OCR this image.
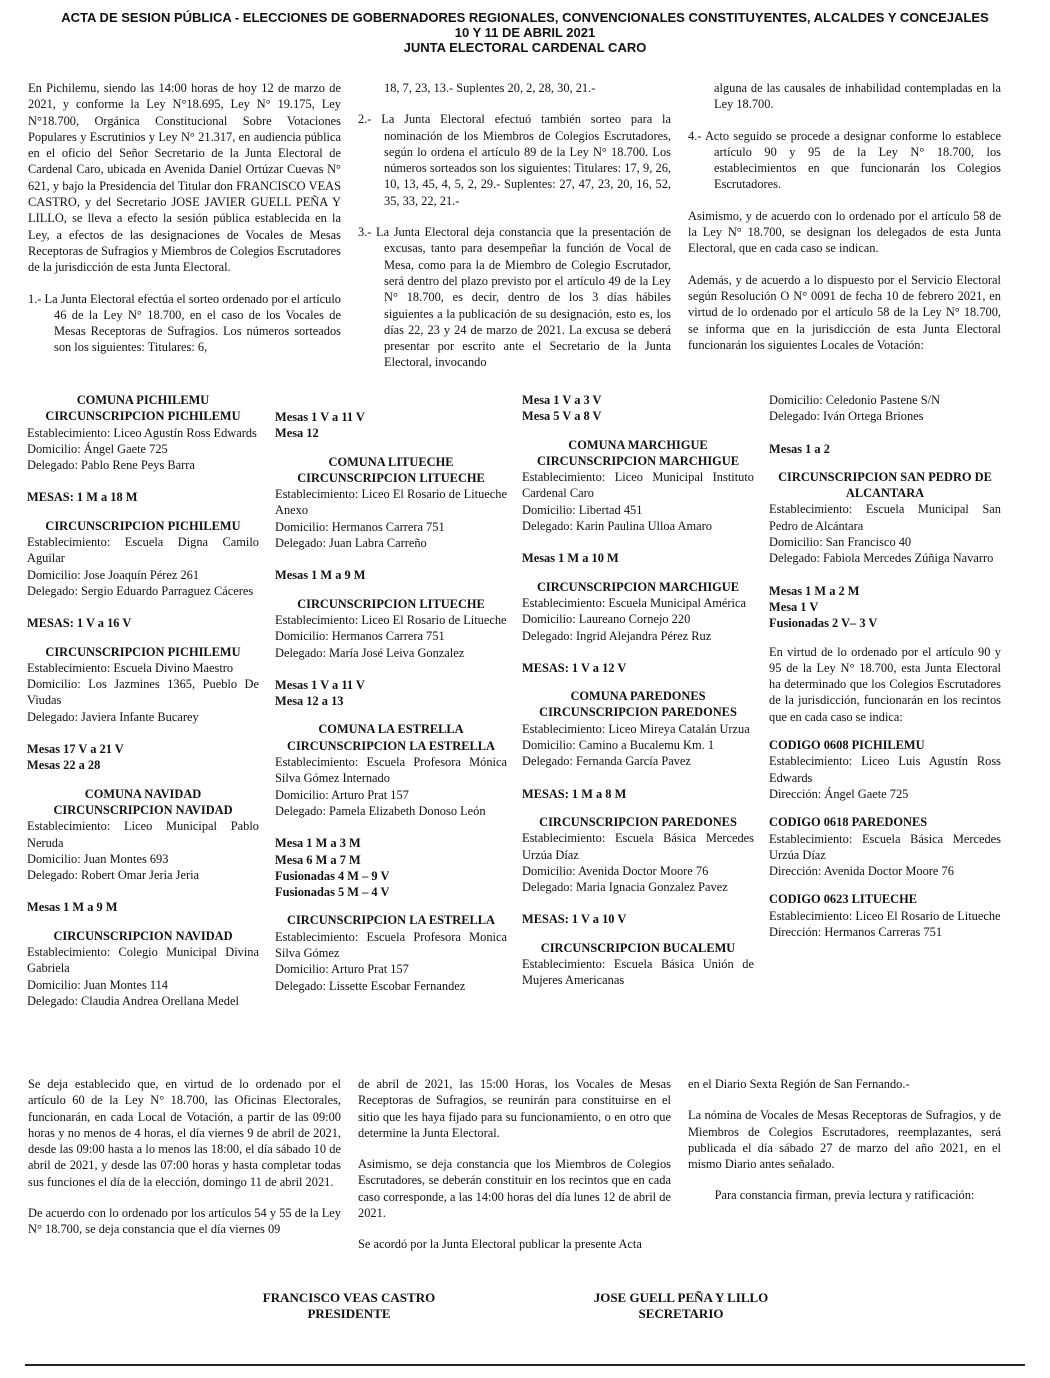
ACTA DE SESION PÚBLICA - ELECCIONES DE GOBERNADORES REGIONALES, CONVENCIONALES CONSTITUYENTES, ALCALDES Y CONCEJALES
10 Y 11 DE ABRIL 2021
JUNTA ELECTORAL CARDENAL CARO

En Pichilemu, siendo las 14:00 horas de hoy 12 de marzo de 2021, y conforme la Ley N°18.695, Ley N° 19.175, Ley N°18.700, Orgánica Constitucional Sobre Votaciones Populares y Escrutinios y Ley N° 21.317, en audiencia pública en el oficio del Señor Secretario de la Junta Electoral de Cardenal Caro, ubicada en Avenida Daniel Ortúzar Cuevas N° 621, y bajo la Presidencia del Titular don FRANCISCO VEAS CASTRO, y del Secretario JOSE JAVIER GUELL PEÑA Y LILLO, se lleva a efecto la sesión pública establecida en la Ley, a efectos de las designaciones de Vocales de Mesas Receptoras de Sufragios y Miembros de Colegios Escrutadores de la jurisdicción de esta Junta Electoral.

1.- La Junta Electoral efectúa el sorteo ordenado por el artículo 46 de la Ley N° 18.700, en el caso de los Vocales de Mesas Receptoras de Sufragios. Los números sorteados son los siguientes: Titulares: 6,

18, 7, 23, 13.- Suplentes 20, 2, 28, 30, 21.-

2.- La Junta Electoral efectuó también sorteo para la nominación de los Miembros de Colegios Escrutadores, según lo ordena el artículo 89 de la Ley N° 18.700. Los números sorteados son los siguientes: Titulares: 17, 9, 26, 10, 13, 45, 4, 5, 2, 29.- Suplentes: 27, 47, 23, 20, 16, 52, 35, 33, 22, 21.-

3.- La Junta Electoral deja constancia que la presentación de excusas, tanto para desempeñar la función de Vocal de Mesa, como para la de Miembro de Colegio Escrutador, será dentro del plazo previsto por el artículo 49 de la Ley N° 18.700, es decir, dentro de los 3 días hábiles siguientes a la publicación de su designación, esto es, los días 22, 23 y 24 de marzo de 2021. La excusa se deberá presentar por escrito ante el Secretario de la Junta Electoral, invocando

alguna de las causales de inhabilidad contempladas en la Ley 18.700.

4.- Acto seguido se procede a designar conforme lo establece artículo 90 y 95 de la Ley N° 18.700, los establecimientos en que funcionarán los Colegios Escrutadores.

Asimismo, y de acuerdo con lo ordenado por el artículo 58 de la Ley N° 18.700, se designan los delegados de esta Junta Electoral, que en cada caso se indican.

Además, y de acuerdo a lo dispuesto por el Servicio Electoral según Resolución O N° 0091 de fecha 10 de febrero 2021, en virtud de lo ordenado por el artículo 58 de la Ley N° 18.700, se informa que en la jurisdicción de esta Junta Electoral funcionarán los siguientes Locales de Votación:

COMUNA PICHILEMU
CIRCUNSCRIPCION PICHILEMU
Establecimiento: Liceo Agustín Ross Edwards
Domicilio: Ángel Gaete 725
Delegado: Pablo Rene Peys Barra
MESAS: 1 M a 18 M
CIRCUNSCRIPCION PICHILEMU
Establecimiento: Escuela Digna Camilo Aguilar
Domicilio: Jose Joaquín Pérez 261
Delegado: Sergio Eduardo Parraguez Cáceres
MESAS: 1 V a 16 V
CIRCUNSCRIPCION PICHILEMU
Establecimiento: Escuela Divino Maestro
Domicilio: Los Jazmines 1365, Pueblo De Viudas
Delegado: Javiera Infante Bucarey
Mesas 17 V a 21 V
Mesas 22 a 28
COMUNA NAVIDAD
CIRCUNSCRIPCION NAVIDAD
Establecimiento: Liceo Municipal Pablo Neruda
Domicilio: Juan Montes 693
Delegado: Robert Omar Jeria Jeria
Mesas 1 M a 9 M
CIRCUNSCRIPCION NAVIDAD
Establecimiento: Colegio Municipal Divina Gabriela
Domicilio: Juan Montes 114
Delegado: Claudia Andrea Orellana Medel
Mesas 1 V a 11 V
Mesa 12
COMUNA LITUECHE
CIRCUNSCRIPCION LITUECHE
Establecimiento: Liceo El Rosario de Litueche Anexo
Domicilio: Hermanos Carrera 751
Delegado: Juan Labra Carreño
Mesas 1 M a 9 M
CIRCUNSCRIPCION LITUECHE
Establecimiento: Liceo El Rosario de Litueche
Domicilio: Hermanos Carrera 751
Delegado: María José Leiva Gonzalez
Mesas 1 V a 11 V
Mesa 12 a 13
COMUNA LA ESTRELLA
CIRCUNSCRIPCION LA ESTRELLA
Establecimiento: Escuela Profesora Mónica Silva Gómez Internado
Domicilio: Arturo Prat 157
Delegado: Pamela Elizabeth Donoso León
Mesa 1 M a 3 M
Mesa 6 M a 7 M
Fusionadas 4 M – 9 V
Fusionadas 5 M – 4 V
CIRCUNSCRIPCION LA ESTRELLA
Establecimiento: Escuela Profesora Monica Silva Gómez
Domicilio: Arturo Prat 157
Delegado: Lissette Escobar Fernandez
Mesa 1 V a 3 V
Mesa 5 V a 8 V
COMUNA MARCHIGUE
CIRCUNSCRIPCION MARCHIGUE
Establecimiento: Liceo Municipal Instituto Cardenal Caro
Domicilio: Libertad 451
Delegado: Karin Paulina Ulloa Amaro
Mesas 1 M a 10 M
CIRCUNSCRIPCION MARCHIGUE
Establecimiento: Escuela Municipal América
Domicilio: Laureano Cornejo 220
Delegado: Ingrid Alejandra Pérez Ruz
MESAS: 1 V a 12 V
COMUNA PAREDONES
CIRCUNSCRIPCION PAREDONES
Establecimiento: Liceo Mireya Catalán Urzua
Domicilio: Camino a Bucalemu Km. 1
Delegado: Fernanda García Pavez
MESAS: 1 M a 8 M
CIRCUNSCRIPCION PAREDONES
Establecimiento: Escuela Básica Mercedes Urzúa Díaz
Domicilio: Avenida Doctor Moore 76
Delegado: Maria Ignacia Gonzalez Pavez
MESAS: 1 V a 10 V
CIRCUNSCRIPCION BUCALEMU
Establecimiento: Escuela Básica Unión de Mujeres Americanas
Domicilio: Celedonio Pastene S/N
Delegado: Iván Ortega Briones
Mesas 1 a 2
CIRCUNSCRIPCION SAN PEDRO DE ALCANTARA
Establecimiento: Escuela Municipal San Pedro de Alcántara
Domicilio: San Francisco 40
Delegado: Fabiola Mercedes Zúñiga Navarro
Mesas 1 M a 2 M
Mesa 1 V
Fusionadas 2 V– 3 V
En virtud de lo ordenado por el artículo 90 y 95 de la Ley N° 18.700, esta Junta Electoral ha determinado que los Colegios Escrutadores de la jurisdicción, funcionarán en los recintos que en cada caso se indica:
CODIGO 0608 PICHILEMU
Establecimiento: Liceo Luis Agustín Ross Edwards
Dirección: Ángel Gaete 725
CODIGO 0618 PAREDONES
Establecimiento: Escuela Básica Mercedes Urzúa Díaz
Dirección: Avenida Doctor Moore 76
CODIGO 0623 LITUECHE
Establecimiento: Liceo El Rosario de Litueche
Dirección: Hermanos Carreras 751

Se deja establecido que, en virtud de lo ordenado por el artículo 60 de la Ley N° 18.700, las Oficinas Electorales, funcionarán, en cada Local de Votación, a partir de las 09:00 horas y no menos de 4 horas, el día viernes 9 de abril de 2021, desde las 09:00 hasta a lo menos las 18:00, el día sábado 10 de abril de 2021, y desde las 07:00 horas y hasta completar todas sus funciones el día de la elección, domingo 11 de abril 2021.

De acuerdo con lo ordenado por los artículos 54 y 55 de la Ley N° 18.700, se deja constancia que el día viernes 09

de abril de 2021, las 15:00 Horas, los Vocales de Mesas Receptoras de Sufragios, se reunirán para constituirse en el sitio que les haya fijado para su funcionamiento, o en otro que determine la Junta Electoral.

Asimismo, se deja constancia que los Miembros de Colegios Escrutadores, se deberán constituir en los recintos que en cada caso corresponde, a las 14:00 horas del día lunes 12 de abril de 2021.

Se acordó por la Junta Electoral publicar la presente Acta

en el Diario Sexta Región de San Fernando.-

La nómina de Vocales de Mesas Receptoras de Sufragios, y de Miembros de Colegios Escrutadores, reemplazantes, será publicada el día sábado 27 de marzo del año 2021, en el mismo Diario antes señalado.

Para constancia firman, previa lectura y ratificación:

FRANCISCO VEAS CASTRO
PRESIDENTE
JOSE GUELL PEÑA Y LILLO
SECRETARIO
